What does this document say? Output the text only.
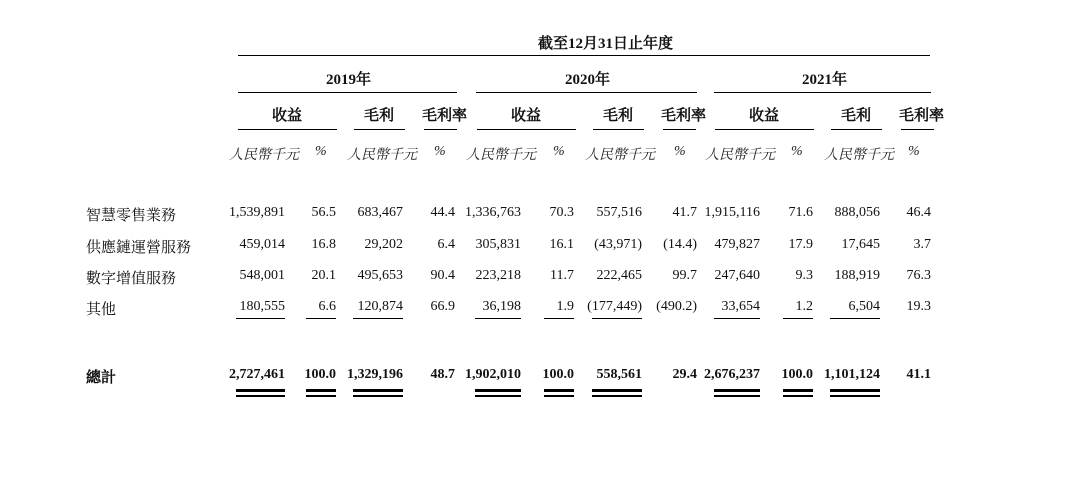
截至12月31日止年度
2019年	2020年	2021年
收益	毛利 毛利率	收益	毛利 毛利率	收益	毛利 毛利率
人民幣千元 % 人民幣千元 % 人民幣千元 % 人民幣千元 % 人民幣千元 % 人民幣千元 %
智慧零售業務	1,539,891 56.5 683,467 44.4 1,336,763 70.3 557,516 41.7 1,915,116 71.6 888,056 46.4
供應鏈運營服務	459,014 16.8 29,202 6.4 305,831 16.1 (43,971) (14.4) 479,827 17.9 17,645 3.7
數字增值服務	548,001 20.1 495,653 90.4 223,218 11.7 222,465 99.7 247,640	9.3 188,919 76.3
其他	180,555 6.6 120,874 66.9 36,198	1.9 (177,449) (490.2) 33,654	1.2	6,504 19.3
總計	2,727,461 100.0 1,329,196 48.7 1,902,010 100.0 558,561 29.4 2,676,237 100.0 1,101,124 41.1
